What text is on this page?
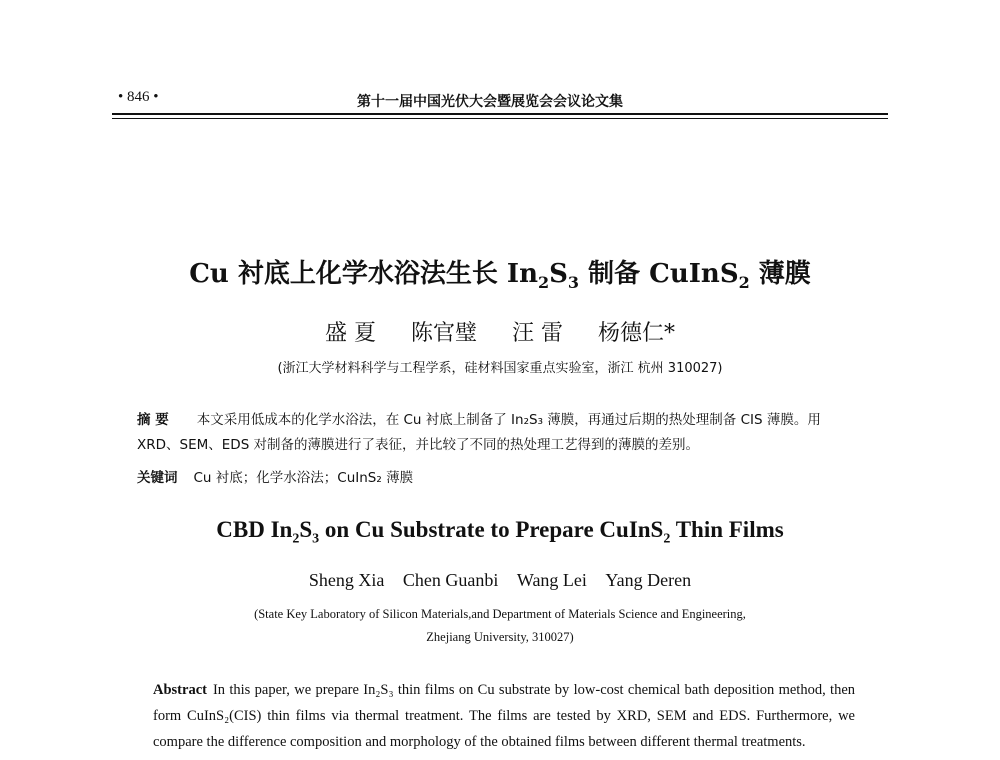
• 846 •	第十一届中国光伏大会暨展览会会议论文集
Cu 衬底上化学水浴法生长 $In_2S_3$ 制备 CuInS$_2$ 薄膜
盛 夏 陈官璧 汪 雷 杨德仁*
(浙江大学材料科学与工程学系，硅材料国家重点实验室，浙江 杭州 310027)
摘 要 本文采用低成本的化学水浴法，在 Cu 衬底上制备了 In₂S₃ 薄膜，再通过后期的热处理制备 CIS 薄膜。用 XRD、SEM、EDS 对制备的薄膜进行了表征，并比较了不同的热处理工艺得到的薄膜的差别。
关键词 Cu 衬底；化学水浴法；CuInS₂ 薄膜
CBD $In_2S_3$ on Cu Substrate to Prepare CuInS$_2$ Thin Films
Sheng Xia Chen Guanbi Wang Lei Yang Deren
(State Key Laboratory of Silicon Materials,and Department of Materials Science and Engineering,
Zhejiang University, 310027)
Abstract In this paper, we prepare In₂S₃ thin films on Cu substrate by low-cost chemical bath deposition method, then form CuInS₂(CIS) thin films via thermal treatment. The films are tested by XRD, SEM and EDS. Furthermore, we compare the difference composition and morphology of the obtained films between different thermal treatments.
